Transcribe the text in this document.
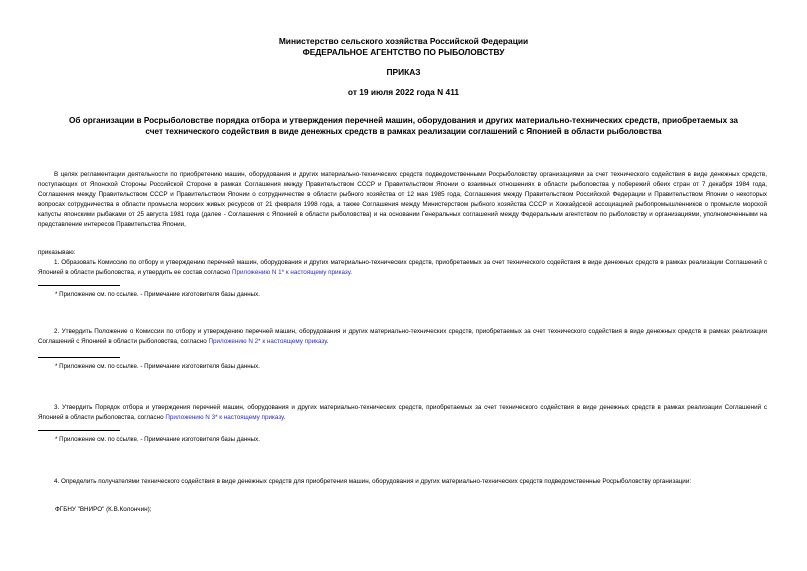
Министерство сельского хозяйства Российской Федерации
ФЕДЕРАЛЬНОЕ АГЕНТСТВО ПО РЫБОЛОВСТВУ
ПРИКАЗ
от 19 июля 2022 года N 411
Об организации в Росрыболовстве порядка отбора и утверждения перечней машин, оборудования и других материально-технических средств, приобретаемых за
счет технического содействия в виде денежных средств в рамках реализации соглашений с Японией в области рыболовства

В целях регламентации деятельности по приобретению машин, оборудования и других материально-технических средств подведомственными Росрыболовству организациями за счет технического содействия в виде денежных средств, поступающих от Японской Стороны Российской Стороне в рамках Соглашения между Правительством СССР и Правительством Японии о взаимных отношениях в области рыболовства у побережий обеих стран от 7 декабря 1984 года, Соглашения между Правительством СССР и Правительством Японии о сотрудничестве в области рыбного хозяйства от 12 мая 1985 года, Соглашения между Правительством Российской Федерации и Правительством Японии о некоторых вопросах сотрудничества в области промысла морских живых ресурсов от 21 февраля 1998 года, а также Соглашения между Министерством рыбного хозяйства СССР и Хоккайдской ассоциацией рыбопромышленников о промысле морской капусты японскими рыбаками от 25 августа 1981 года (далее - Соглашения с Японией в области рыболовства) и на основании Генеральных соглашений между Федеральным агентством по рыболовству и организациями, уполномоченными на представление интересов Правительства Японии,

приказываю:

1. Образовать Комиссию по отбору и утверждению перечней машин, оборудования и других материально-технических средств, приобретаемых за счет технического содействия в виде денежных средств в рамках реализации Соглашений с Японией в области рыболовства, и утвердить ее состав согласно Приложению N 1* к настоящему приказу.

* Приложение см. по ссылке. - Примечание изготовителя базы данных.

2. Утвердить Положение о Комиссии по отбору и утверждению перечней машин, оборудования и других материально-технических средств, приобретаемых за счет технического содействия в виде денежных средств в рамках реализации Соглашений с Японией в области рыболовства, согласно Приложению N 2* к настоящему приказу.

* Приложение см. по ссылке. - Примечание изготовителя базы данных.

3. Утвердить Порядок отбора и утверждения перечней машин, оборудования и других материально-технических средств, приобретаемых за счет технического содействия в виде денежных средств в рамках реализации Соглашений с Японией в области рыболовства, согласно Приложению N 3* к настоящему приказу.

* Приложение см. по ссылке. - Примечание изготовителя базы данных.

4. Определить получателями технического содействия в виде денежных средств для приобретения машин, оборудования и других материально-технических средств подведомственные Росрыболовству организации:

ФГБНУ "ВНИРО" (К.В.Колончин);
